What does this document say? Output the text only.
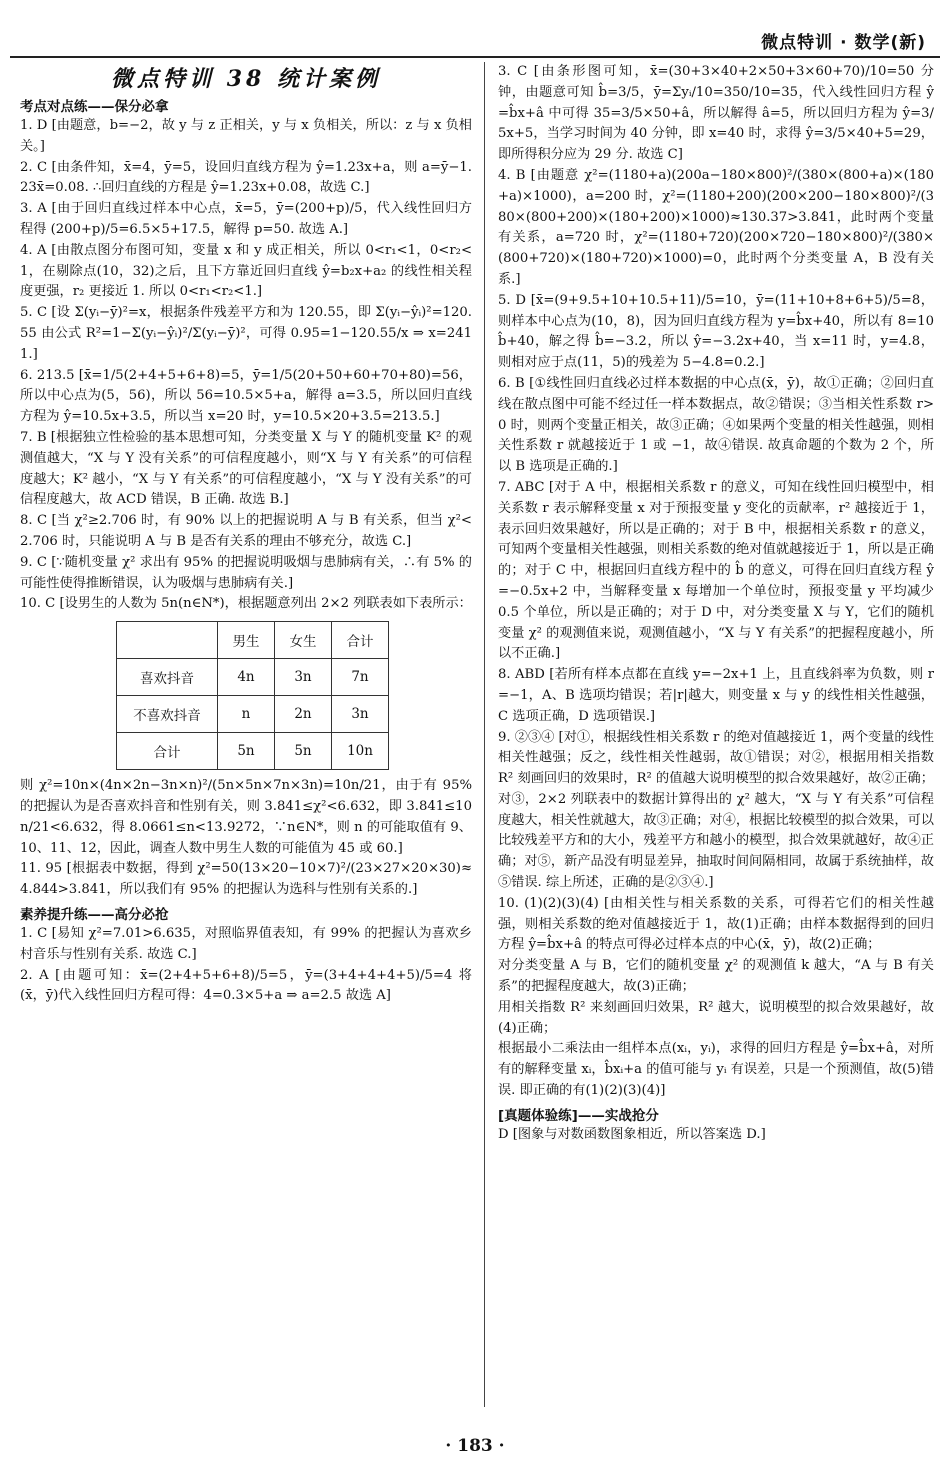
微点特训 · 数学(新)
微点特训 38 统计案例
考点对点练——保分必拿

1. D [由题意，b=−2，故 y 与 z 正相关，y 与 x 负相关，所以：z 与 x 负相关。]

2. C [由条件知，x̄=4，ȳ=5，设回归直线方程为 ŷ=1.23x+a，则 a=ȳ−1.23x̄=0.08. ∴回归直线的方程是 ŷ=1.23x+0.08，故选 C.]

3. A [由于回归直线过样本中心点，x̄=5，ȳ=(200+p)/5，代入线性回归方程得 (200+p)/5=6.5×5+17.5，解得 p=50. 故选 A.]

4. A [由散点图分布图可知，变量 x 和 y 成正相关，所以 0<r₁<1，0<r₂<1，在剔除点(10，32)之后，且下方靠近回归直线 ŷ=b₂x+a₂ 的线性相关程度更强，r₂ 更接近 1. 所以 0<r₁<r₂<1.]

5. C [设 Σ(yᵢ−ȳ)²=x，根据条件残差平方和为 120.55，即 Σ(yᵢ−ŷᵢ)²=120.55 由公式 R²=1−Σ(yᵢ−ŷᵢ)²/Σ(yᵢ−ȳ)²，可得 0.95=1−120.55/x ⇒ x=2411.]

6. 213.5 [x̄=1/5(2+4+5+6+8)=5，ȳ=1/5(20+50+60+70+80)=56，所以中心点为(5，56)，所以 56=10.5×5+a，解得 a=3.5，所以回归直线方程为 ŷ=10.5x+3.5，所以当 x=20 时，y=10.5×20+3.5=213.5.]

7. B [根据独立性检验的基本思想可知，分类变量 X 与 Y 的随机变量 K² 的观测值越大，“X 与 Y 没有关系”的可信程度越小，则“X 与 Y 有关系”的可信程度越大；K² 越小，“X 与 Y 有关系”的可信程度越小，“X 与 Y 没有关系”的可信程度越大，故 ACD 错误，B 正确. 故选 B.]

8. C [当 χ²≥2.706 时，有 90% 以上的把握说明 A 与 B 有关系，但当 χ²<2.706 时，只能说明 A 与 B 是否有关系的理由不够充分，故选 C.]

9. C [∵随机变量 χ² 求出有 95% 的把握说明吸烟与患肺病有关，∴有 5% 的可能性使得推断错误，认为吸烟与患肺病有关.]

10. C [设男生的人数为 5n(n∈N*)，根据题意列出 2×2 列联表如下表所示：

	男生	女生	合计
喜欢抖音	4n	3n	7n
不喜欢抖音	n	2n	3n
合计	5n	5n	10n

则 χ²=10n×(4n×2n−3n×n)²/(5n×5n×7n×3n)=10n/21，由于有 95% 的把握认为是否喜欢抖音和性别有关，则 3.841≤χ²<6.632，即 3.841≤10n/21<6.632，得 8.0661≤n<13.9272，∵n∈N*，则 n 的可能取值有 9、10、11、12，因此，调查人数中男生人数的可能值为 45 或 60.]

11. 95 [根据表中数据，得到 χ²=50(13×20−10×7)²/(23×27×20×30)≈4.844>3.841，所以我们有 95% 的把握认为选科与性别有关系的.]

素养提升练——高分必抢

1. C [易知 χ²=7.01>6.635，对照临界值表知，有 99% 的把握认为喜欢乡村音乐与性别有关系. 故选 C.]

2. A [由题可知：x̄=(2+4+5+6+8)/5=5，ȳ=(3+4+4+4+5)/5=4 将(x̄，ȳ)代入线性回归方程可得：4=0.3×5+a ⇒ a=2.5 故选 A]

3. C [由条形图可知，x̄=(30+3×40+2×50+3×60+70)/10=50 分钟，由题意可知 b̂=3/5，ȳ=Σyᵢ/10=350/10=35，代入线性回归方程 ŷ=b̂x+â 中可得 35=3/5×50+â，所以解得 â=5，所以回归方程为 ŷ=3/5x+5，当学习时间为 40 分钟，即 x=40 时，求得 ŷ=3/5×40+5=29，即所得积分应为 29 分. 故选 C]

4. B [由题意 χ²=(1180+a)(200a−180×800)²/(380×(800+a)×(180+a)×1000)，a=200 时，χ²=(1180+200)(200×200−180×800)²/(380×(800+200)×(180+200)×1000)≈130.37>3.841，此时两个变量有关系，a=720 时，χ²=(1180+720)(200×720−180×800)²/(380×(800+720)×(180+720)×1000)=0，此时两个分类变量 A，B 没有关系.]

5. D [x̄=(9+9.5+10+10.5+11)/5=10，ȳ=(11+10+8+6+5)/5=8，则样本中心点为(10，8)，因为回归直线方程为 y=b̂x+40，所以有 8=10b̂+40，解之得 b̂=−3.2，所以 ŷ=−3.2x+40，当 x=11 时，y=4.8，则相对应于点(11，5)的残差为 5−4.8=0.2.]

6. B [①线性回归直线必过样本数据的中心点(x̄，ȳ)，故①正确；②回归直线在散点图中可能不经过任一样本数据点，故②错误；③当相关性系数 r>0 时，则两个变量正相关，故③正确；④如果两个变量的相关性越强，则相关性系数 r 就越接近于 1 或 −1，故④错误. 故真命题的个数为 2 个，所以 B 选项是正确的.]

7. ABC [对于 A 中，根据相关系数 r 的意义，可知在线性回归模型中，相关系数 r 表示解释变量 x 对于预报变量 y 变化的贡献率，r² 越接近于 1，表示回归效果越好，所以是正确的；对于 B 中，根据相关系数 r 的意义，可知两个变量相关性越强，则相关系数的绝对值就越接近于 1，所以是正确的；对于 C 中，根据回归直线方程中的 b̂ 的意义，可得在回归直线方程 ŷ=−0.5x+2 中，当解释变量 x 每增加一个单位时，预报变量 y 平均减少 0.5 个单位，所以是正确的；对于 D 中，对分类变量 X 与 Y，它们的随机变量 χ² 的观测值来说，观测值越小，“X 与 Y 有关系”的把握程度越小，所以不正确.]

8. ABD [若所有样本点都在直线 y=−2x+1 上，且直线斜率为负数，则 r=−1，A、B 选项均错误；若|r|越大，则变量 x 与 y 的线性相关性越强，C 选项正确，D 选项错误.]

9. ②③④ [对①，根据线性相关系数 r 的绝对值越接近 1，两个变量的线性相关性越强；反之，线性相关性越弱，故①错误；对②，根据用相关指数 R² 刻画回归的效果时，R² 的值越大说明模型的拟合效果越好，故②正确；对③，2×2 列联表中的数据计算得出的 χ² 越大，“X 与 Y 有关系”可信程度越大，相关性就越大，故③正确；对④，根据比较模型的拟合效果，可以比较残差平方和的大小，残差平方和越小的模型，拟合效果就越好，故④正确；对⑤，新产品没有明显差异，抽取时间间隔相同，故属于系统抽样，故⑤错误. 综上所述，正确的是②③④.]

10. (1)(2)(3)(4) [由相关性与相关系数的关系，可得若它们的相关性越强，则相关系数的绝对值越接近于 1，故(1)正确；由样本数据得到的回归方程 ŷ=b̂x+â 的特点可得必过样本点的中心(x̄，ȳ)，故(2)正确；

对分类变量 A 与 B，它们的随机变量 χ² 的观测值 k 越大，“A 与 B 有关系”的把握程度越大，故(3)正确；

用相关指数 R² 来刻画回归效果，R² 越大，说明模型的拟合效果越好，故(4)正确；

根据最小二乘法由一组样本点(xᵢ，yᵢ)，求得的回归方程是 ŷ=b̂x+â，对所有的解释变量 xᵢ，b̂xᵢ+a 的值可能与 yᵢ 有误差，只是一个预测值，故(5)错误. 即正确的有(1)(2)(3)(4)]

[真题体验练]——实战抢分

D [图象与对数函数图象相近，所以答案选 D.]

· 183 ·
